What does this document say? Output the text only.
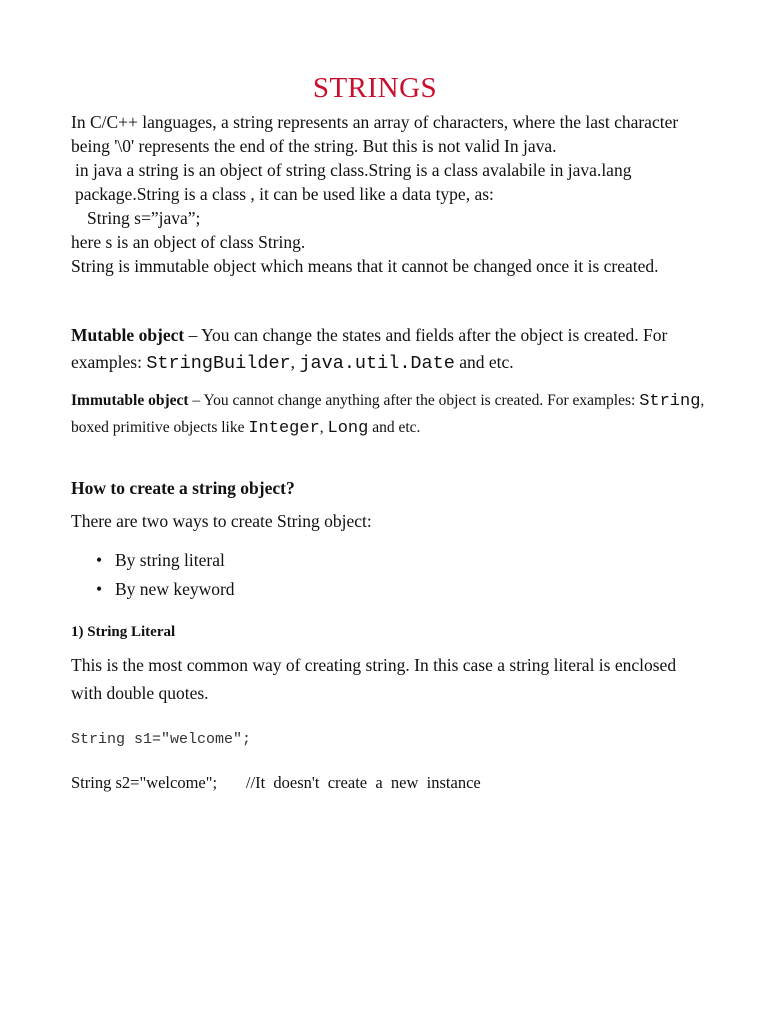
STRINGS

In C/C++ languages, a string represents an array of characters, where the last character being '\0' represents the end of the string. But this is not valid In java.

in java a string is an object of string class.String is a class avalabile in java.lang package.String is a class , it can be used like a data type, as:

String s=”java”;

here s is an object of class String.

String is immutable object which means that it cannot be changed once it is created.

Mutable object – You can change the states and fields after the object is created. For examples: StringBuilder, java.util.Date and etc.
Immutable object – You cannot change anything after the object is created. For examples: String, boxed primitive objects like Integer, Long and etc.
How to create a string object?
There are two ways to create String object:
• By string literal
• By new keyword
1) String Literal
This is the most common way of creating string. In this case a string literal is enclosed with double quotes.
String s1="welcome";
String s2="welcome";       //It  doesn't  create  a  new  instance
